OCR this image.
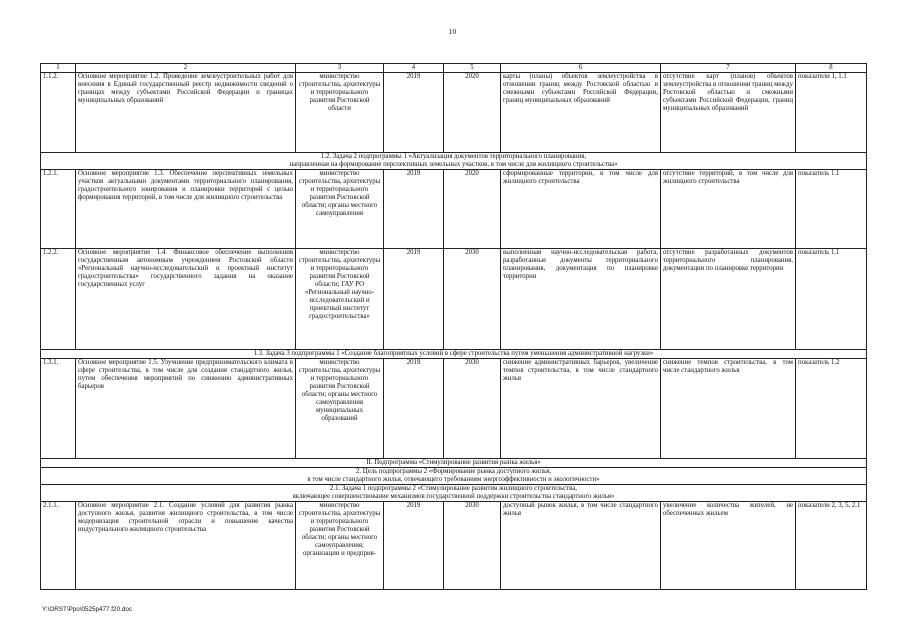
10
1	2	3	4	5	6	7	8
1.1.2.	Основное мероприятие 1.2. Проведение землеустроительных работ для внесения в Единый государственный реестр недвижимости сведений о границах между субъектами Российской Федерации и границах муниципальных образований	министерство строительства, архитектуры и территориального развития Ростовской области	2019	2020	карты (планы) объектов землеустройства в отношении границ между Ростовской областью и смежными субъектами Российской Федерации, границ муниципальных образований	отсутствие карт (планов) объектов землеустройства в отношении границ между Ростовской областью и смежными субъектами Российской Федерации, границ муниципальных образований	показатели 1, 1.1

1.2. Задача 2 подпрограммы 1 «Актуализация документов территориального планирования,
направленная на формирование перспективных земельных участков, в том числе для жилищного строительства»							

1.2.1.	Основное мероприятие 1.3. Обеспечение перспективных земельных участков актуальными документами территориального планирования, градостроительного зонирования и планировки территорий с целью формирования территорий, в том числе для жилищного строительства	министерство строительства, архитектуры и территориального развития Ростовской области; органы местного самоуправления	2019	2020	сформированные территории, в том числе для жилищного строительства	отсутствие территорий, в том числе для жилищного строительства	показатель 1.1
1.2.2.	Основное мероприятие 1.4. Финансовое обеспечение выполнения государственным автономным учреждением Ростовской области «Региональный научно-исследовательский и проектный институт градостроительства» государственного задания на оказание государственных услуг	министерство строительства, архитектуры и территориального развития Ростовской области; ГАУ РО «Региональный научно-исследовательский и проектный институт градостроительства»	2019	2030	выполненная научно-исследовательская работа, разработанные документы территориального планирования, документация по планировке территории	отсутствие разработанных документов территориального планирования, документации по планировке территории	показатель 1.1

1.3. Задача 3 подпрограммы 1 «Создание благоприятных условий в сфере строительства путем уменьшения административной нагрузки»							

1.3.1.	Основное мероприятие 1.5. Улучшение предпринимательского климата в сфере строительства, в том числе для создания стандартного жилья, путем обеспечения мероприятий по снижению административных барьеров	министерство строительства, архитектуры и территориального развития Ростовской области; органы местного самоуправления муниципальных образований	2019	2030	снижение административных барьеров, увеличение темпов строительства, в том числе стандартного жилья	снижение темпов строительства, в том числе стандартного жилья	показатель 1.2

II. Подпрограмма «Стимулирование развития рынка жилья»							

2. Цель подпрограммы 2 «Формирование рынка доступного жилья,
в том числе стандартного жилья, отвечающего требованиям энергоэффективности и экологичности»							

2.1. Задача 1 подпрограммы 2 «Стимулирование развития жилищного строительства,
включающее совершенствование механизмов государственной поддержки строительства стандартного жилья»							

2.1.1.	Основное мероприятие 2.1. Создание условий для развития рынка доступного жилья, развития жилищного строительства, в том числе модернизация строительной отрасли и повышение качества индустриального жилищного строительства	министерство строительства, архитектуры и территориального развития Ростовской области; органы местного самоуправления; организации и предприя-	2019	2030	доступный рынок жилья, в том числе стандартного жилья	увеличение количества жителей, не обеспеченных жильем	показатели 2, 3, 5, 2.1
Y:\ORST\Ppo\0525p477.f20.doc
